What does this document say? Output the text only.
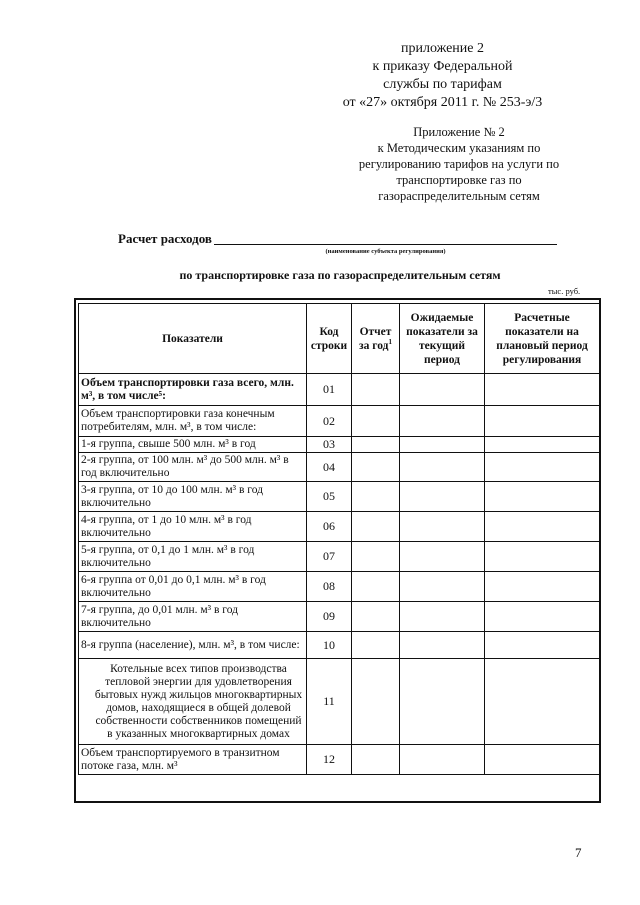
приложение 2
к приказу Федеральной
службы по тарифам
от «27» октября 2011 г. № 253-э/3
Приложение № 2
к Методическим указаниям по
регулированию тарифов на услуги по
транспортировке газ по
газораспределительным сетям
Расчет расходов
(наименование субъекта регулирования)
по транспортировке газа по газораспределительным сетям
тыс. руб.
Показатели	Код строки	Отчет за год$^1$	Ожидаемые показатели за текущий период	Расчетные показатели на плановый период регулирования
Объем транспортировки газа всего, млн. м³, в том числе⁵:	01			
Объем транспортировки газа конечным потребителям, млн. м³, в том числе:	02			
1-я группа, свыше 500 млн. м³ в год	03			
2-я группа, от 100 млн. м³ до 500 млн. м³ в год включительно	04			
3-я группа, от 10 до 100 млн. м³ в год включительно	05			
4-я группа, от 1 до 10 млн. м³ в год включительно	06			
5-я группа, от 0,1 до 1 млн. м³ в год включительно	07			
6-я группа от 0,01 до 0,1 млн. м³ в год включительно	08			
7-я группа, до 0,01 млн. м³ в год включительно	09			
8-я группа (население), млн. м³, в том числе:	10			
Котельные всех типов производства тепловой энергии для удовлетворения бытовых нужд жильцов многоквартирных домов, находящиеся в общей долевой собственности собственников помещений в указанных многоквартирных домах	11			
Объем транспортируемого в транзитном потоке газа, млн. м³	12			
7
